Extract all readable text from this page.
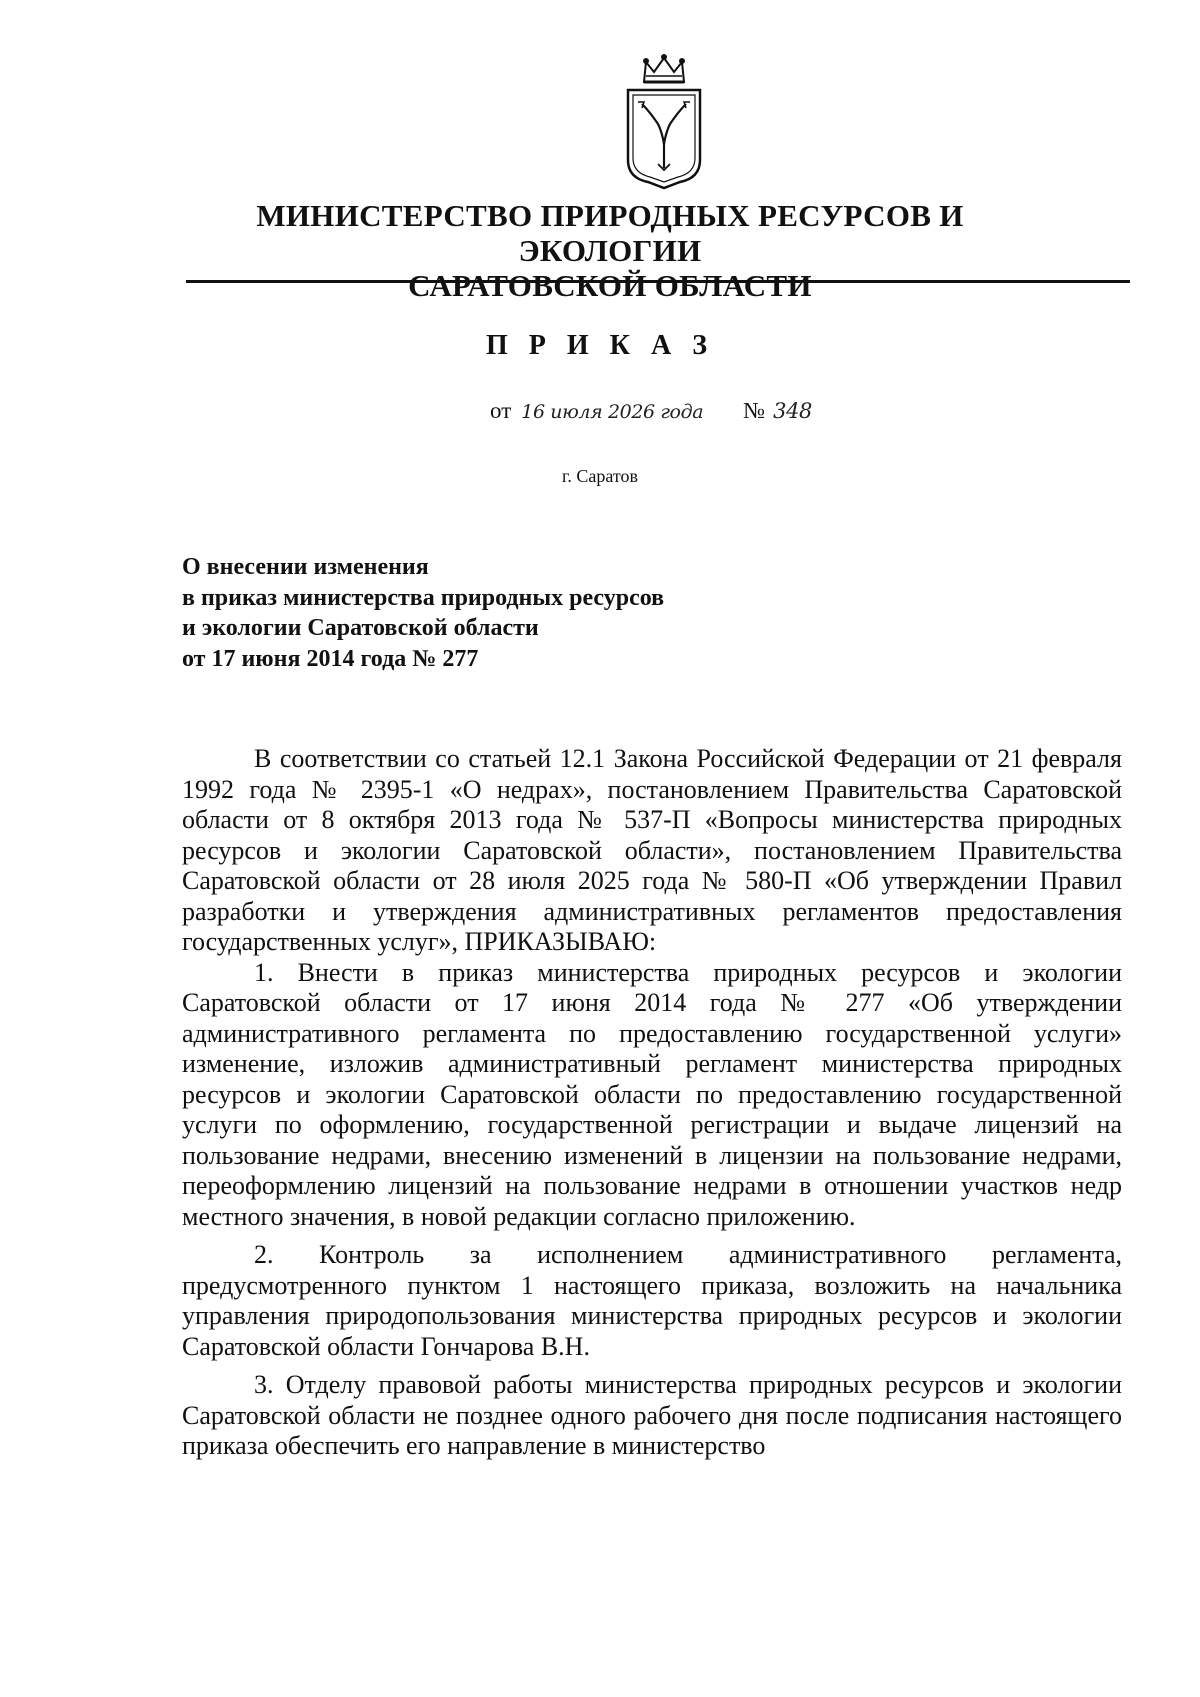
МИНИСТЕРСТВО ПРИРОДНЫХ РЕСУРСОВ И ЭКОЛОГИИ
САРАТОВСКОЙ ОБЛАСТИ
П Р И К А З
от 16 июля 2026 года № 348
г. Саратов
О внесении изменения
в приказ министерства природных ресурсов
и экологии Саратовской области
от 17 июня 2014 года № 277

В соответствии со статьей 12.1 Закона Российской Федерации от 21 февраля 1992 года № 2395-1 «О недрах», постановлением Правительства Саратовской области от 8 октября 2013 года № 537-П «Вопросы министерства природных ресурсов и экологии Саратовской области», постановлением Правительства Саратовской области от 28 июля 2025 года № 580-П «Об утверждении Правил разработки и утверждения административных регламентов предоставления государственных услуг», ПРИКАЗЫВАЮ:

1. Внести в приказ министерства природных ресурсов и экологии Саратовской области от 17 июня 2014 года № 277 «Об утверждении административного регламента по предоставлению государственной услуги» изменение, изложив административный регламент министерства природных ресурсов и экологии Саратовской области по предоставлению государственной услуги по оформлению, государственной регистрации и выдаче лицензий на пользование недрами, внесению изменений в лицензии на пользование недрами, переоформлению лицензий на пользование недрами в отношении участков недр местного значения, в новой редакции согласно приложению.

2. Контроль за исполнением административного регламента, предусмотренного пунктом 1 настоящего приказа, возложить на начальника управления природопользования министерства природных ресурсов и экологии Саратовской области Гончарова В.Н.

3. Отделу правовой работы министерства природных ресурсов и экологии Саратовской области не позднее одного рабочего дня после подписания настоящего приказа обеспечить его направление в министерство
